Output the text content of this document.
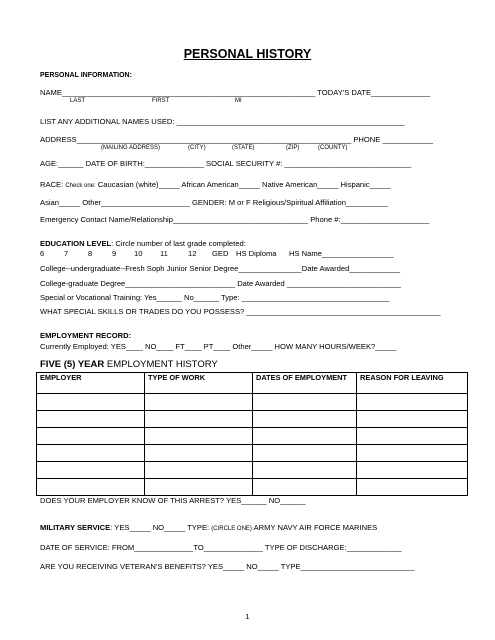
PERSONAL HISTORY
PERSONAL INFORMATION:
NAME____________________________________________________________ TODAY'S DATE______________
LAST	FIRST	MI
LIST ANY ADDITIONAL NAMES USED: ______________________________________________________
ADDRESS_________________________________________________________________ PHONE ____________
(MAILING ADDRESS)	(CITY)	(STATE)	(ZIP)	(COUNTY)
AGE:______ DATE OF BIRTH:______________ SOCIAL SECURITY #: ______________________________
RACE: Check one: Caucasian (white)_____ African American_____ Native American_____ Hispanic_____
Asian_____ Other_____________________ GENDER: M or F Religious/Spiritual Affiliation__________
Emergency Contact Name/Relationship________________________________ Phone #:_____________________
EDUCATION LEVEL: Circle number of last grade completed:
6	7	8	9 10 11	12 GED HS Diploma HS Name_________________
College--undergraduate--Fresh Soph Junior Senior Degree_______________Date Awarded____________
College-graduate Degree__________________________ Date Awarded ___________________________
Special or Vocational Training: Yes______ No______ Type: ___________________________________
WHAT SPECIAL SKILLS OR TRADES DO YOU POSSESS? ______________________________________________
EMPLOYMENT RECORD:
Currently Employed: YES____ NO____ FT____ PT____ Other_____ HOW MANY HOURS/WEEK?_____
FIVE (5) YEAR EMPLOYMENT HISTORY
EMPLOYER	TYPE OF WORK	DATES OF EMPLOYMENT	REASON FOR LEAVING

DOES YOUR EMPLOYER KNOW OF THIS ARREST? YES______ NO______
MILITARY SERVICE: YES_____ NO_____ TYPE: (CIRCLE ONE) ARMY NAVY AIR FORCE MARINES
DATE OF SERVICE: FROM______________TO______________ TYPE OF DISCHARGE:_____________
ARE YOU RECEIVING VETERAN'S BENEFITS? YES_____ NO_____ TYPE___________________________
1
